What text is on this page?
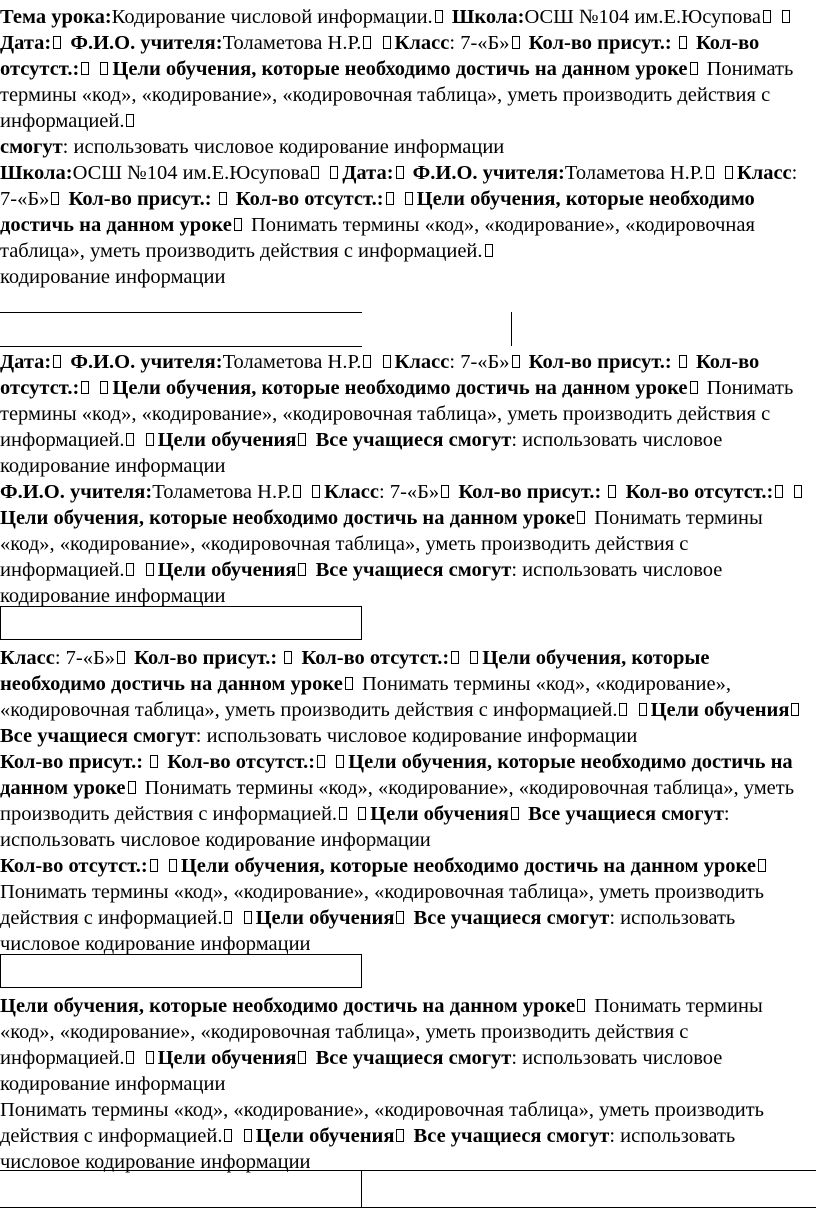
Тема урока:Кодирование числовой информации. Школа:ОСШ №104 им.Е.Юсупова Дата: Ф.И.О. учителя:Толаметова Н.Р. Класс: 7-«Б» Кол-во присут.: Кол-во отсутст.: Цели обучения, которые необходимо достичь на данном уроке Понимать термины «код», «кодирование», «кодировочная таблица», уметь производить действия с информацией.
смогут: использовать числовое кодирование информации

Школа:ОСШ №104 им.Е.Юсупова Дата: Ф.И.О. учителя:Толаметова Н.Р. Класс: 7-«Б» Кол-во присут.: Кол-во отсутст.: Цели обучения, которые необходимо достичь на данном уроке Понимать термины «код», «кодирование», «кодировочная таблица», уметь производить действия с информацией.
кодирование информации

Дата: Ф.И.О. учителя:Толаметова Н.Р. Класс: 7-«Б» Кол-во присут.: Кол-во отсутст.: Цели обучения, которые необходимо достичь на данном уроке Понимать термины «код», «кодирование», «кодировочная таблица», уметь производить действия с информацией. Цели обучения Все учащиеся смогут: использовать числовое кодирование информации

Ф.И.О. учителя:Толаметова Н.Р. Класс: 7-«Б» Кол-во присут.: Кол-во отсутст.: Цели обучения, которые необходимо достичь на данном уроке Понимать термины «код», «кодирование», «кодировочная таблица», уметь производить действия с информацией. Цели обучения Все учащиеся смогут: использовать числовое кодирование информации

Класс: 7-«Б» Кол-во присут.: Кол-во отсутст.: Цели обучения, которые необходимо достичь на данном уроке Понимать термины «код», «кодирование», «кодировочная таблица», уметь производить действия с информацией. Цели обучения Все учащиеся смогут: использовать числовое кодирование информации

Кол-во присут.: Кол-во отсутст.: Цели обучения, которые необходимо достичь на данном уроке Понимать термины «код», «кодирование», «кодировочная таблица», уметь производить действия с информацией. Цели обучения Все учащиеся смогут: использовать числовое кодирование информации

Кол-во отсутст.: Цели обучения, которые необходимо достичь на данном уроке Понимать термины «код», «кодирование», «кодировочная таблица», уметь производить действия с информацией. Цели обучения Все учащиеся смогут: использовать числовое кодирование информации

Цели обучения, которые необходимо достичь на данном уроке Понимать термины «код», «кодирование», «кодировочная таблица», уметь производить действия с информацией. Цели обучения Все учащиеся смогут: использовать числовое кодирование информации

Понимать термины «код», «кодирование», «кодировочная таблица», уметь производить действия с информацией. Цели обучения Все учащиеся смогут: использовать числовое кодирование информации
